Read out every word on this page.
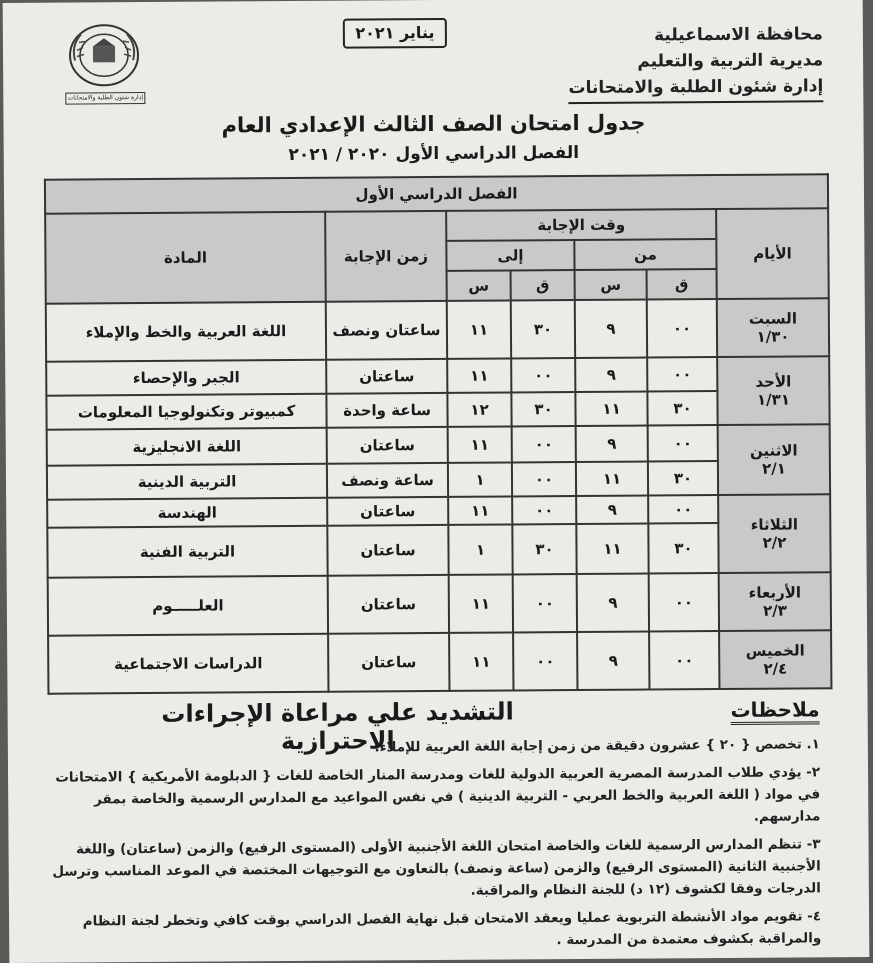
محافظة الاسماعيلية
مديرية التربية والتعليم
إدارة شئون الطلبة والامتحانات
يناير ٢٠٢١
إدارة شئون الطلبة والامتحانات
جدول امتحان الصف الثالث الإعدادي العام
الفصل الدراسي الأول ٢٠٢٠ / ٢٠٢١
الفصل الدراسي الأول						
الأيام	وقت الإجابة				زمن الإجابة	المادة
	من		إلى			
	ق	س	ق	س		

السبت
١/٣٠	٠٠	٩	٣٠	١١	ساعتان ونصف	اللغة العربية والخط والإملاء

الأحد
١/٣١	٠٠	٩	٠٠	١١	ساعتان	الجبر والإحصاء
	٣٠	١١	٣٠	١٢	ساعة واحدة	كمبيوتر وتكنولوجيا المعلومات

الاثنين
٢/١	٠٠	٩	٠٠	١١	ساعتان	اللغة الانجليزية
	٣٠	١١	٠٠	١	ساعة ونصف	التربية الدينية

الثلاثاء
٢/٢	٠٠	٩	٠٠	١١	ساعتان	الهندسة
	٣٠	١١	٣٠	١	ساعتان	التربية الفنية

الأربعاء
٢/٣	٠٠	٩	٠٠	١١	ساعتان	العلـــــوم

الخميس
٢/٤	٠٠	٩	٠٠	١١	ساعتان	الدراسات الاجتماعية
ملاحظات
التشديد علي مراعاة الإجراءات الاحترازية

١. تخصص { ٢٠ } عشرون دقيقة من زمن إجابة اللغة العربية للإملاء.

٢- يؤدي طلاب المدرسة المصرية العربية الدولية للغات ومدرسة المنار الخاصة للغات { الدبلومة الأمريكية } الامتحانات في مواد ( اللغة العربية والخط العربي - التربية الدينية ) في نفس المواعيد مع المدارس الرسمية والخاصة بمقر مدارسهم.

٣- تنظم المدارس الرسمية للغات والخاصة امتحان اللغة الأجنبية الأولى (المستوى الرفيع) والزمن (ساعتان) واللغة الأجنبية الثانية (المستوى الرفيع) والزمن (ساعة ونصف) بالتعاون مع التوجيهات المختصة في الموعد المناسب وترسل الدرجات وفقا لكشوف (١٢ د) للجنة النظام والمراقبة.

٤- تقويم مواد الأنشطة التربوية عمليا ويعقد الامتحان قبل نهاية الفصل الدراسي بوقت كافي وتخطر لجنة النظام والمراقبة بكشوف معتمدة من المدرسة .
